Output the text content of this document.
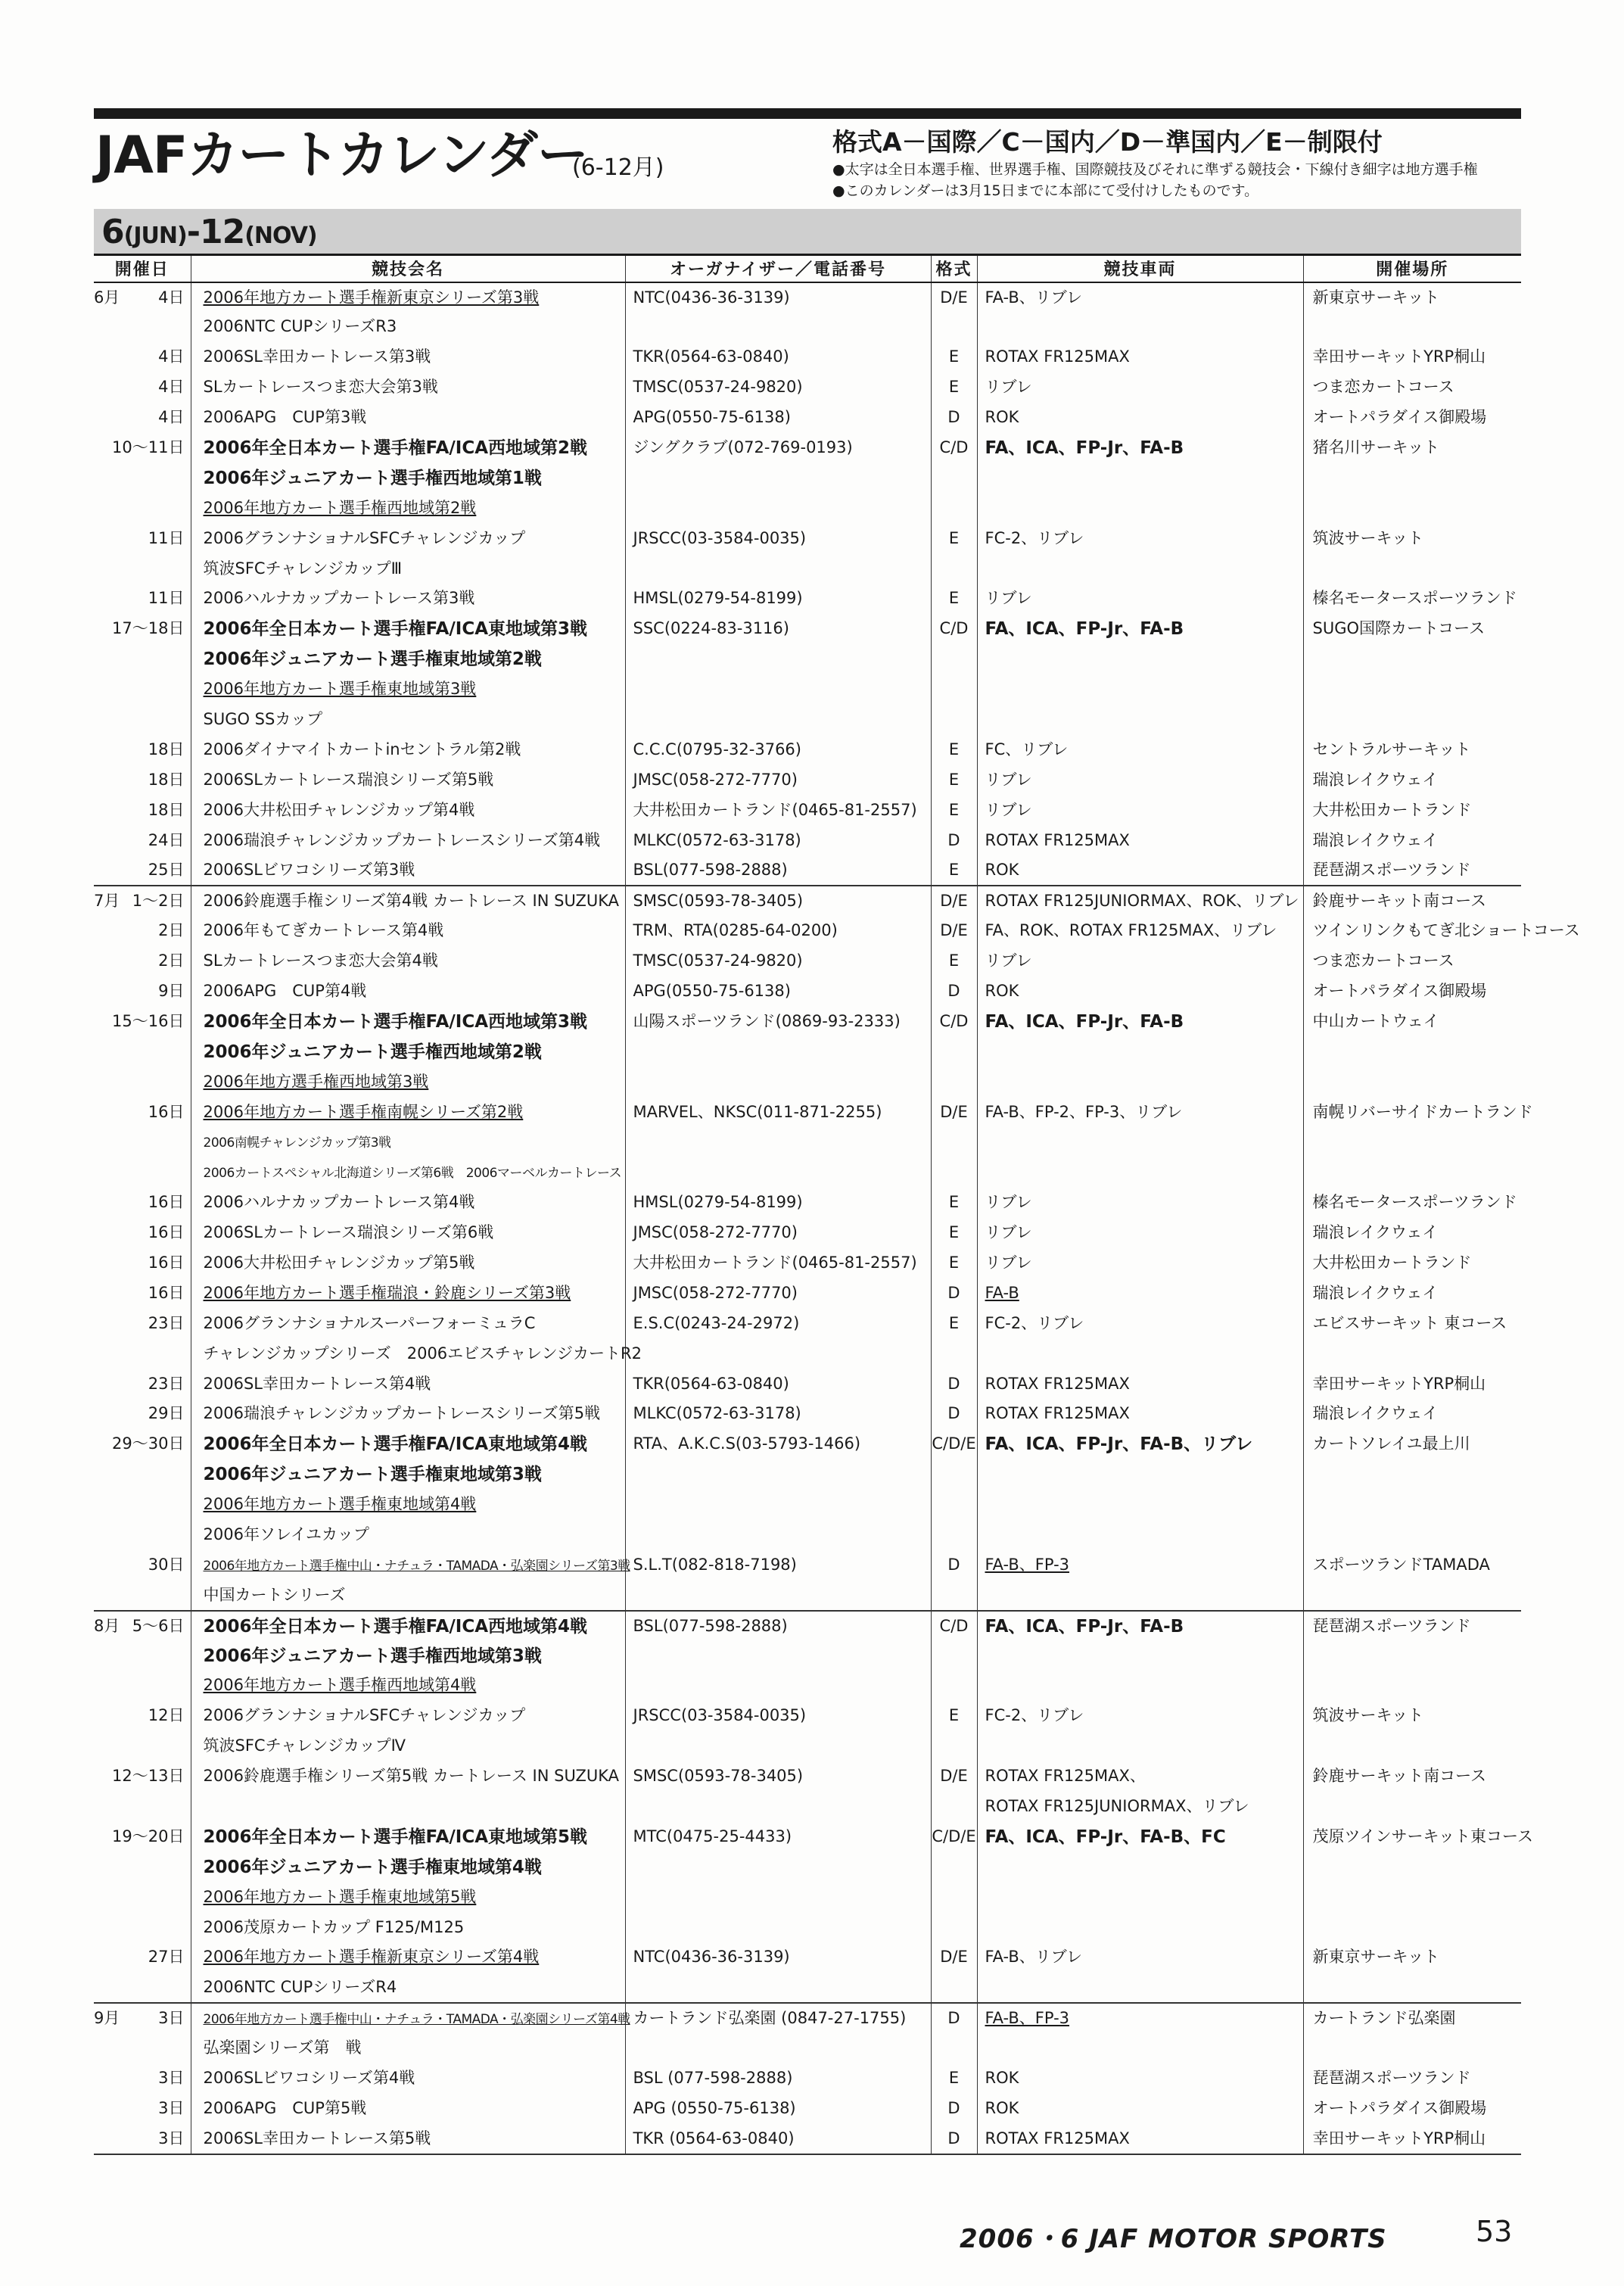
JAFカートカレンダー
(6-12月)
格式A－国際／C－国内／D－準国内／E－制限付
●太字は全日本選手権、世界選手権、国際競技及びそれに準ずる競技会・下線付き細字は地方選手権
●このカレンダーは3月15日までに本部にて受付けしたものです。
6(JUN)-12(NOV)
開催日	競技会名	オーガナイザー／電話番号	格式	競技車両	開催場所

6月 4日	2006年地方カート選手権新東京シリーズ第3戦	NTC(0436-36-3139)	D/E	FA-B、リブレ	新東京サーキット

	2006NTC CUPシリーズR3				

4日	2006SL幸田カートレース第3戦	TKR(0564-63-0840)	E	ROTAX FR125MAX	幸田サーキットYRP桐山

4日	SLカートレースつま恋大会第3戦	TMSC(0537-24-9820)	E	リブレ	つま恋カートコース

4日	2006APG　CUP第3戦	APG(0550-75-6138)	D	ROK	オートパラダイス御殿場

10～11日	2006年全日本カート選手権FA/ICA西地域第2戦	ジングクラブ(072-769-0193)	C/D	FA、ICA、FP-Jr、FA-B	猪名川サーキット

	2006年ジュニアカート選手権西地域第1戦				

	2006年地方カート選手権西地域第2戦				

11日	2006グランナショナルSFCチャレンジカップ	JRSCC(03-3584-0035)	E	FC-2、リブレ	筑波サーキット

	筑波SFCチャレンジカップⅢ				

11日	2006ハルナカップカートレース第3戦	HMSL(0279-54-8199)	E	リブレ	榛名モータースポーツランド

17～18日	2006年全日本カート選手権FA/ICA東地域第3戦	SSC(0224-83-3116)	C/D	FA、ICA、FP-Jr、FA-B	SUGO国際カートコース

	2006年ジュニアカート選手権東地域第2戦				

	2006年地方カート選手権東地域第3戦				

	SUGO SSカップ				

18日	2006ダイナマイトカートinセントラル第2戦	C.C.C(0795-32-3766)	E	FC、リブレ	セントラルサーキット

18日	2006SLカートレース瑞浪シリーズ第5戦	JMSC(058-272-7770)	E	リブレ	瑞浪レイクウェイ

18日	2006大井松田チャレンジカップ第4戦	大井松田カートランド(0465-81-2557)	E	リブレ	大井松田カートランド

24日	2006瑞浪チャレンジカップカートレースシリーズ第4戦	MLKC(0572-63-3178)	D	ROTAX FR125MAX	瑞浪レイクウェイ

25日	2006SLビワコシリーズ第3戦	BSL(077-598-2888)	E	ROK	琵琶湖スポーツランド

7月 1～2日	2006鈴鹿選手権シリーズ第4戦 カートレース IN SUZUKA	SMSC(0593-78-3405)	D/E	ROTAX FR125JUNIORMAX、ROK、リブレ	鈴鹿サーキット南コース

2日	2006年もてぎカートレース第4戦	TRM、RTA(0285-64-0200)	D/E	FA、ROK、ROTAX FR125MAX、リブレ	ツインリンクもてぎ北ショートコース

2日	SLカートレースつま恋大会第4戦	TMSC(0537-24-9820)	E	リブレ	つま恋カートコース

9日	2006APG　CUP第4戦	APG(0550-75-6138)	D	ROK	オートパラダイス御殿場

15～16日	2006年全日本カート選手権FA/ICA西地域第3戦	山陽スポーツランド(0869-93-2333)	C/D	FA、ICA、FP-Jr、FA-B	中山カートウェイ

	2006年ジュニアカート選手権西地域第2戦				

	2006年地方選手権西地域第3戦				

16日	2006年地方カート選手権南幌シリーズ第2戦	MARVEL、NKSC(011-871-2255)	D/E	FA-B、FP-2、FP-3、リブレ	南幌リバーサイドカートランド

	2006南幌チャレンジカップ第3戦				

	2006カートスペシャル北海道シリーズ第6戦　2006マーベルカートレース				

16日	2006ハルナカップカートレース第4戦	HMSL(0279-54-8199)	E	リブレ	榛名モータースポーツランド

16日	2006SLカートレース瑞浪シリーズ第6戦	JMSC(058-272-7770)	E	リブレ	瑞浪レイクウェイ

16日	2006大井松田チャレンジカップ第5戦	大井松田カートランド(0465-81-2557)	E	リブレ	大井松田カートランド

16日	2006年地方カート選手権瑞浪・鈴鹿シリーズ第3戦	JMSC(058-272-7770)	D	FA-B	瑞浪レイクウェイ

23日	2006グランナショナルスーパーフォーミュラC	E.S.C(0243-24-2972)	E	FC-2、リブレ	エビスサーキット 東コース

	チャレンジカップシリーズ　2006エビスチャレンジカートR2				

23日	2006SL幸田カートレース第4戦	TKR(0564-63-0840)	D	ROTAX FR125MAX	幸田サーキットYRP桐山

29日	2006瑞浪チャレンジカップカートレースシリーズ第5戦	MLKC(0572-63-3178)	D	ROTAX FR125MAX	瑞浪レイクウェイ

29～30日	2006年全日本カート選手権FA/ICA東地域第4戦	RTA、A.K.C.S(03-5793-1466)	C/D/E	FA、ICA、FP-Jr、FA-B、リブレ	カートソレイユ最上川

	2006年ジュニアカート選手権東地域第3戦				

	2006年地方カート選手権東地域第4戦				

	2006年ソレイユカップ				

30日	2006年地方カート選手権中山・ナチュラ・TAMADA・弘楽園シリーズ第3戦	S.L.T(082-818-7198)	D	FA-B、FP-3	スポーツランドTAMADA

	中国カートシリーズ				

8月 5～6日	2006年全日本カート選手権FA/ICA西地域第4戦	BSL(077-598-2888)	C/D	FA、ICA、FP-Jr、FA-B	琵琶湖スポーツランド

	2006年ジュニアカート選手権西地域第3戦				

	2006年地方カート選手権西地域第4戦				

12日	2006グランナショナルSFCチャレンジカップ	JRSCC(03-3584-0035)	E	FC-2、リブレ	筑波サーキット

	筑波SFCチャレンジカップⅣ				

12～13日	2006鈴鹿選手権シリーズ第5戦 カートレース IN SUZUKA	SMSC(0593-78-3405)	D/E	ROTAX FR125MAX、	鈴鹿サーキット南コース

				ROTAX FR125JUNIORMAX、リブレ	

19～20日	2006年全日本カート選手権FA/ICA東地域第5戦	MTC(0475-25-4433)	C/D/E	FA、ICA、FP-Jr、FA-B、FC	茂原ツインサーキット東コース

	2006年ジュニアカート選手権東地域第4戦				

	2006年地方カート選手権東地域第5戦				

	2006茂原カートカップ F125/M125				

27日	2006年地方カート選手権新東京シリーズ第4戦	NTC(0436-36-3139)	D/E	FA-B、リブレ	新東京サーキット

	2006NTC CUPシリーズR4				

9月 3日	2006年地方カート選手権中山・ナチュラ・TAMADA・弘楽園シリーズ第4戦	カートランド弘楽園 (0847-27-1755)	D	FA-B、FP-3	カートランド弘楽園

	弘楽園シリーズ第　戦				

3日	2006SLビワコシリーズ第4戦	BSL (077-598-2888)	E	ROK	琵琶湖スポーツランド

3日	2006APG　CUP第5戦	APG (0550-75-6138)	D	ROK	オートパラダイス御殿場

3日	2006SL幸田カートレース第5戦	TKR (0564-63-0840)	D	ROTAX FR125MAX	幸田サーキットYRP桐山
2006・6 JAF MOTOR SPORTS	53
